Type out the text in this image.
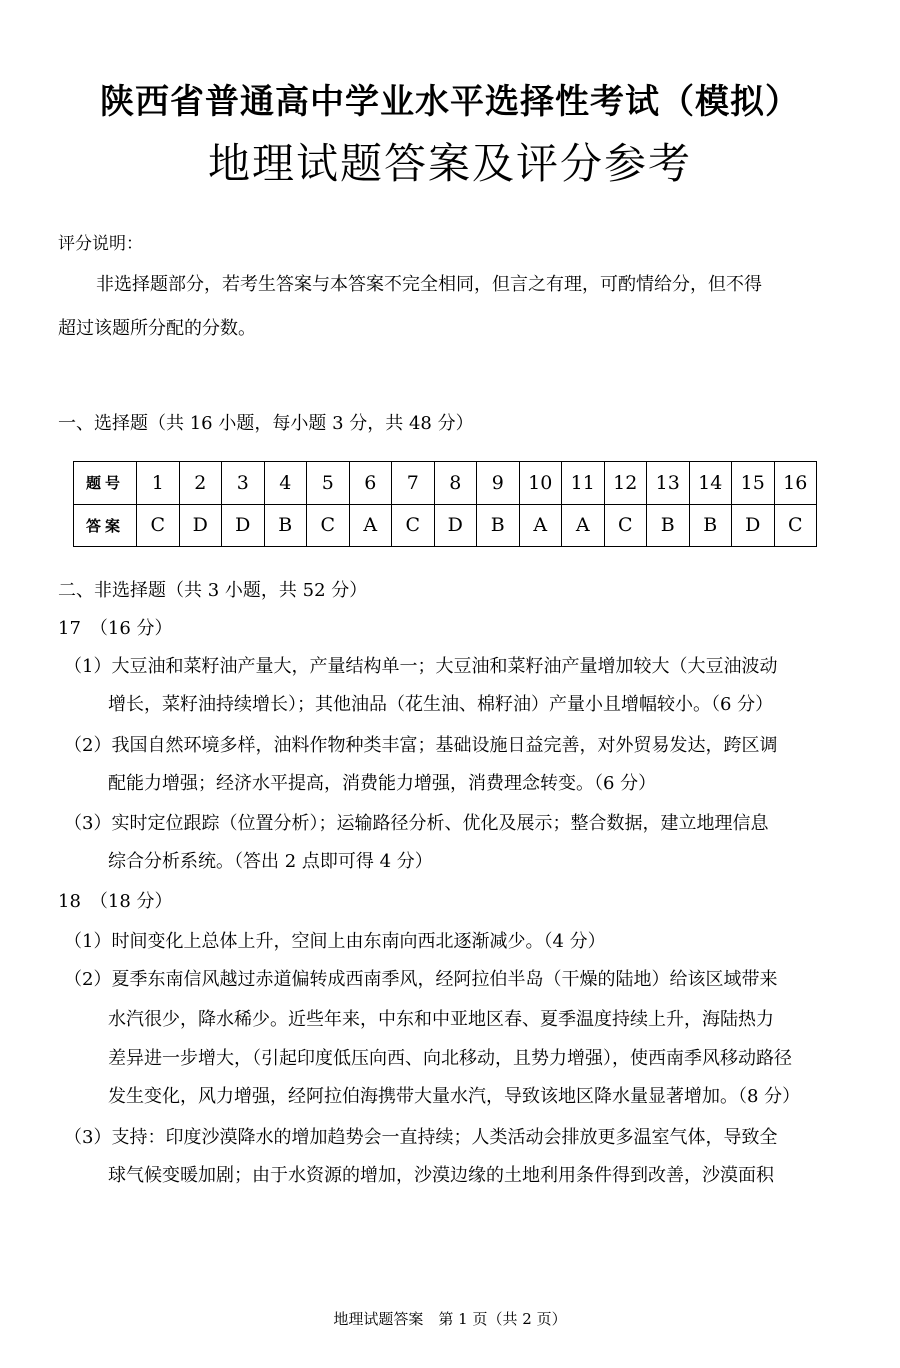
陕西省普通高中学业水平选择性考试（模拟）
地理试题答案及评分参考
评分说明：
非选择题部分，若考生答案与本答案不完全相同，但言之有理，可酌情给分，但不得
超过该题所分配的分数。
一、选择题（共 16 小题，每小题 3 分，共 48 分）
题号	1	2	3	4	5	6	7	8	9	10	11	12	13	14	15	16
答案	C	D	D	B	C	A	C	D	B	A	A	C	B	B	D	C
二、非选择题（共 3 小题，共 52 分）
17　（16 分）
（1）大豆油和菜籽油产量大，产量结构单一；大豆油和菜籽油产量增加较大（大豆油波动
增长，菜籽油持续增长）；其他油品（花生油、棉籽油）产量小且增幅较小。（6 分）
（2）我国自然环境多样，油料作物种类丰富；基础设施日益完善，对外贸易发达，跨区调
配能力增强；经济水平提高，消费能力增强，消费理念转变。（6 分）
（3）实时定位跟踪（位置分析）；运输路径分析、优化及展示；整合数据，建立地理信息
综合分析系统。（答出 2 点即可得 4 分）
18　（18 分）
（1）时间变化上总体上升，空间上由东南向西北逐渐减少。（4 分）
（2）夏季东南信风越过赤道偏转成西南季风，经阿拉伯半岛（干燥的陆地）给该区域带来
水汽很少，降水稀少。近些年来，中东和中亚地区春、夏季温度持续上升，海陆热力
差异进一步增大，（引起印度低压向西、向北移动，且势力增强），使西南季风移动路径
发生变化，风力增强，经阿拉伯海携带大量水汽，导致该地区降水量显著增加。（8 分）
（3）支持：印度沙漠降水的增加趋势会一直持续；人类活动会排放更多温室气体，导致全
球气候变暖加剧；由于水资源的增加，沙漠边缘的土地利用条件得到改善，沙漠面积
地理试题答案　第 1 页（共 2 页）
